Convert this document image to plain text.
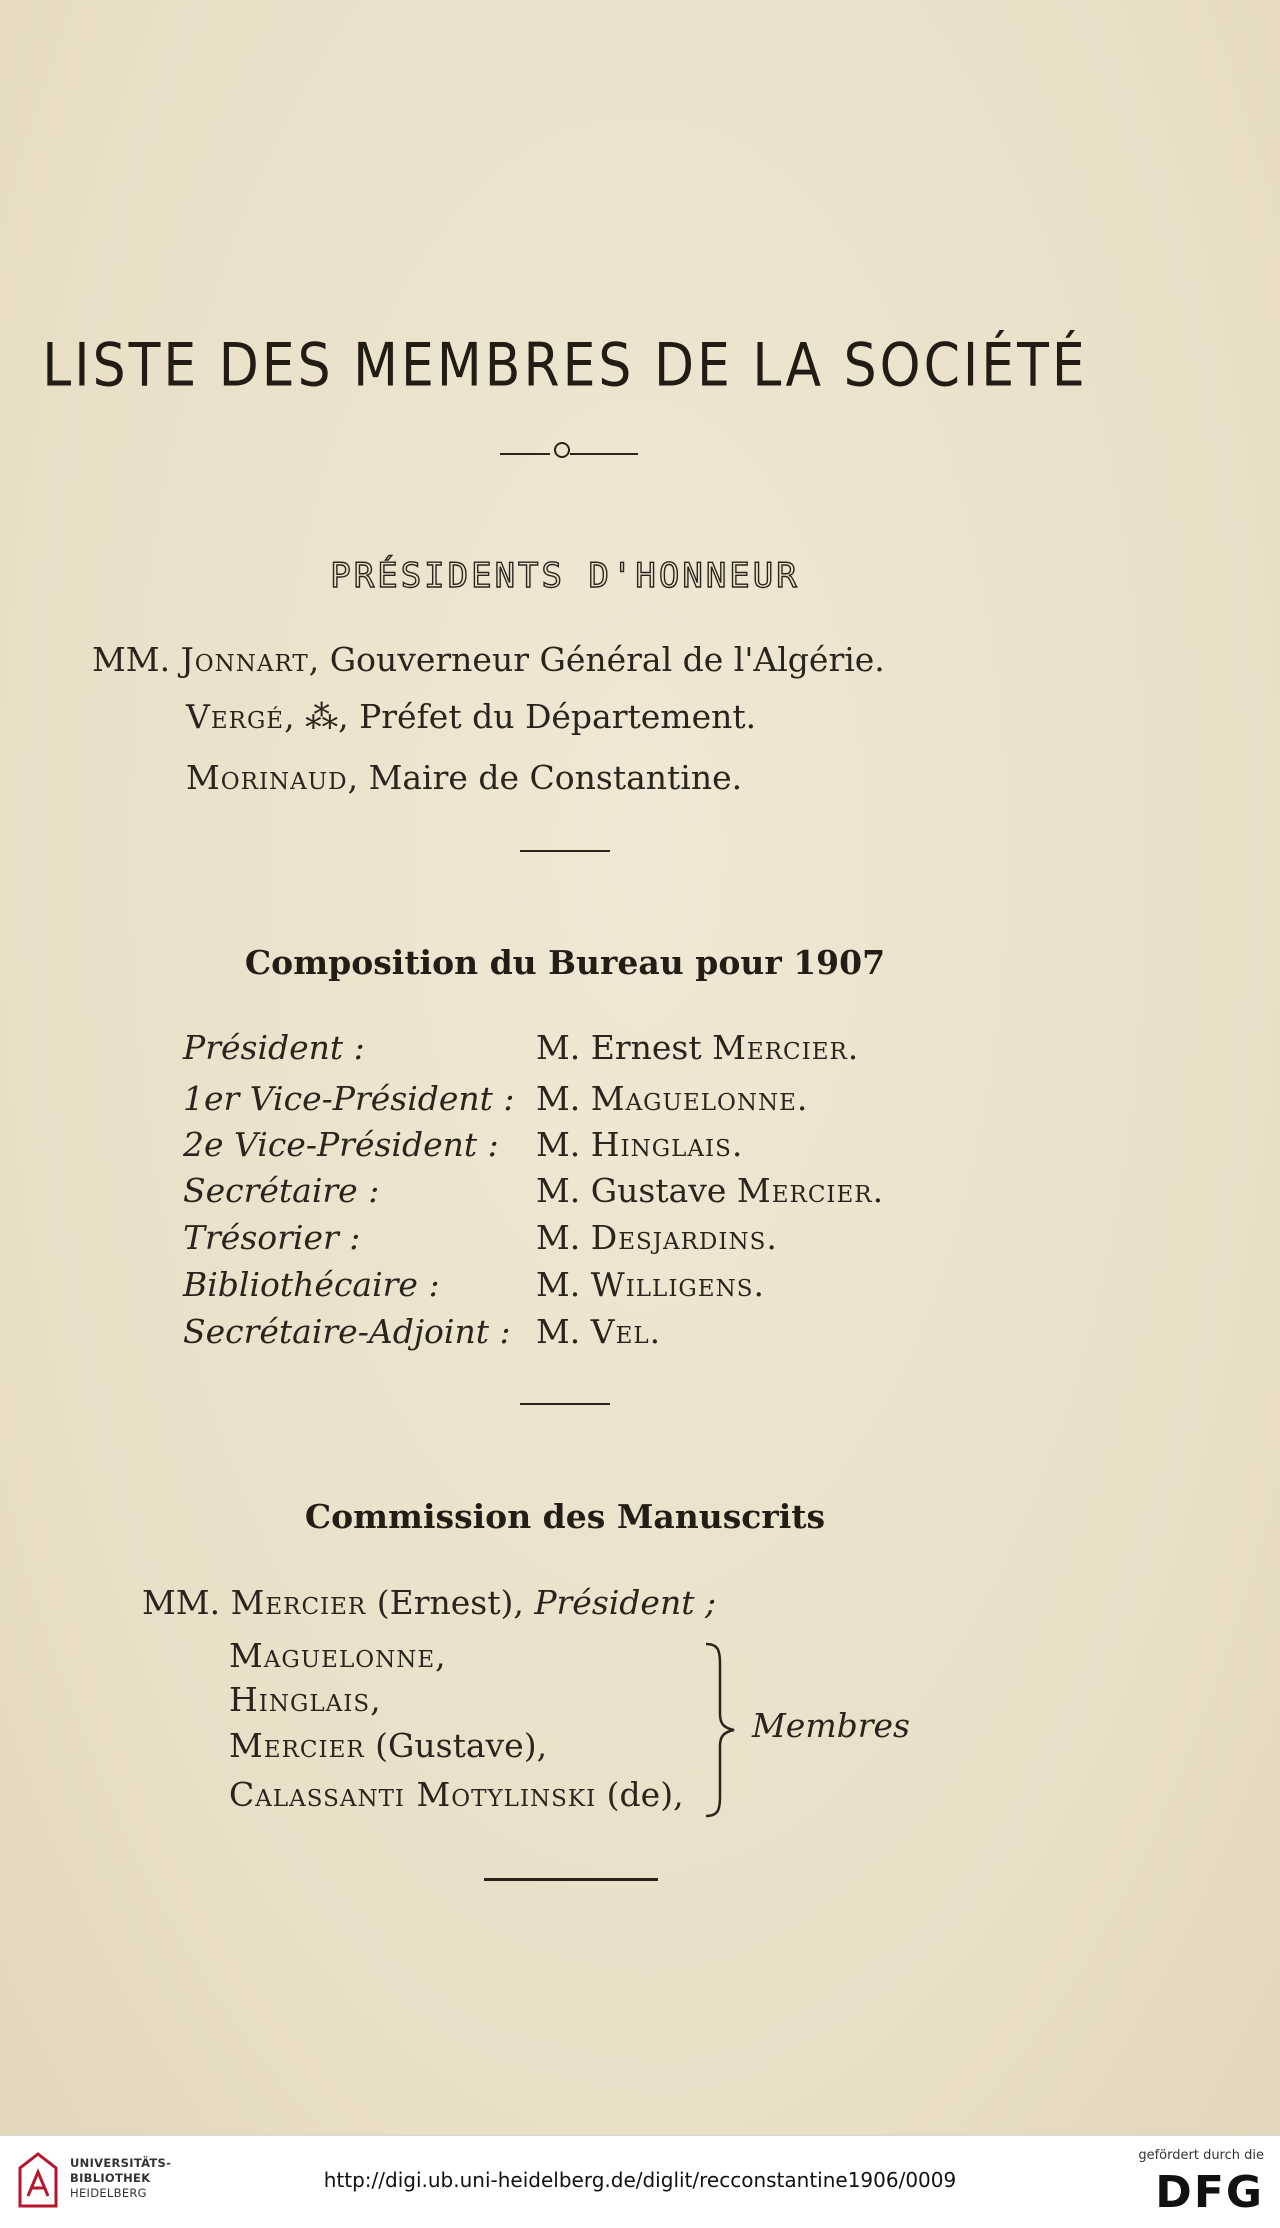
LISTE DES MEMBRES DE LA SOCIÉTÉ
PRÉSIDENTS D'HONNEUR
MM. Jonnart, Gouverneur Général de l'Algérie.
Vergé, ⁂, Préfet du Département.
Morinaud, Maire de Constantine.
Composition du Bureau pour 1907
Président :	M. Ernest Mercier.
1er Vice-Président : M. Maguelonne.
2e Vice-Président : M. Hinglais.
Secrétaire :	M. Gustave Mercier.
Trésorier :	M. Desjardins.
Bibliothécaire :	M. Willigens.
Secrétaire-Adjoint : M. Vel.
Commission des Manuscrits
MM. Mercier (Ernest), Président ;
Maguelonne,
Hinglais,
Mercier (Gustave),
Calassanti Motylinski (de),
Membres
UNIVERSITÄTS-
BIBLIOTHEK
HEIDELBERG
http://digi.ub.uni-heidelberg.de/diglit/recconstantine1906/0009
gefördert durch die
DFG
